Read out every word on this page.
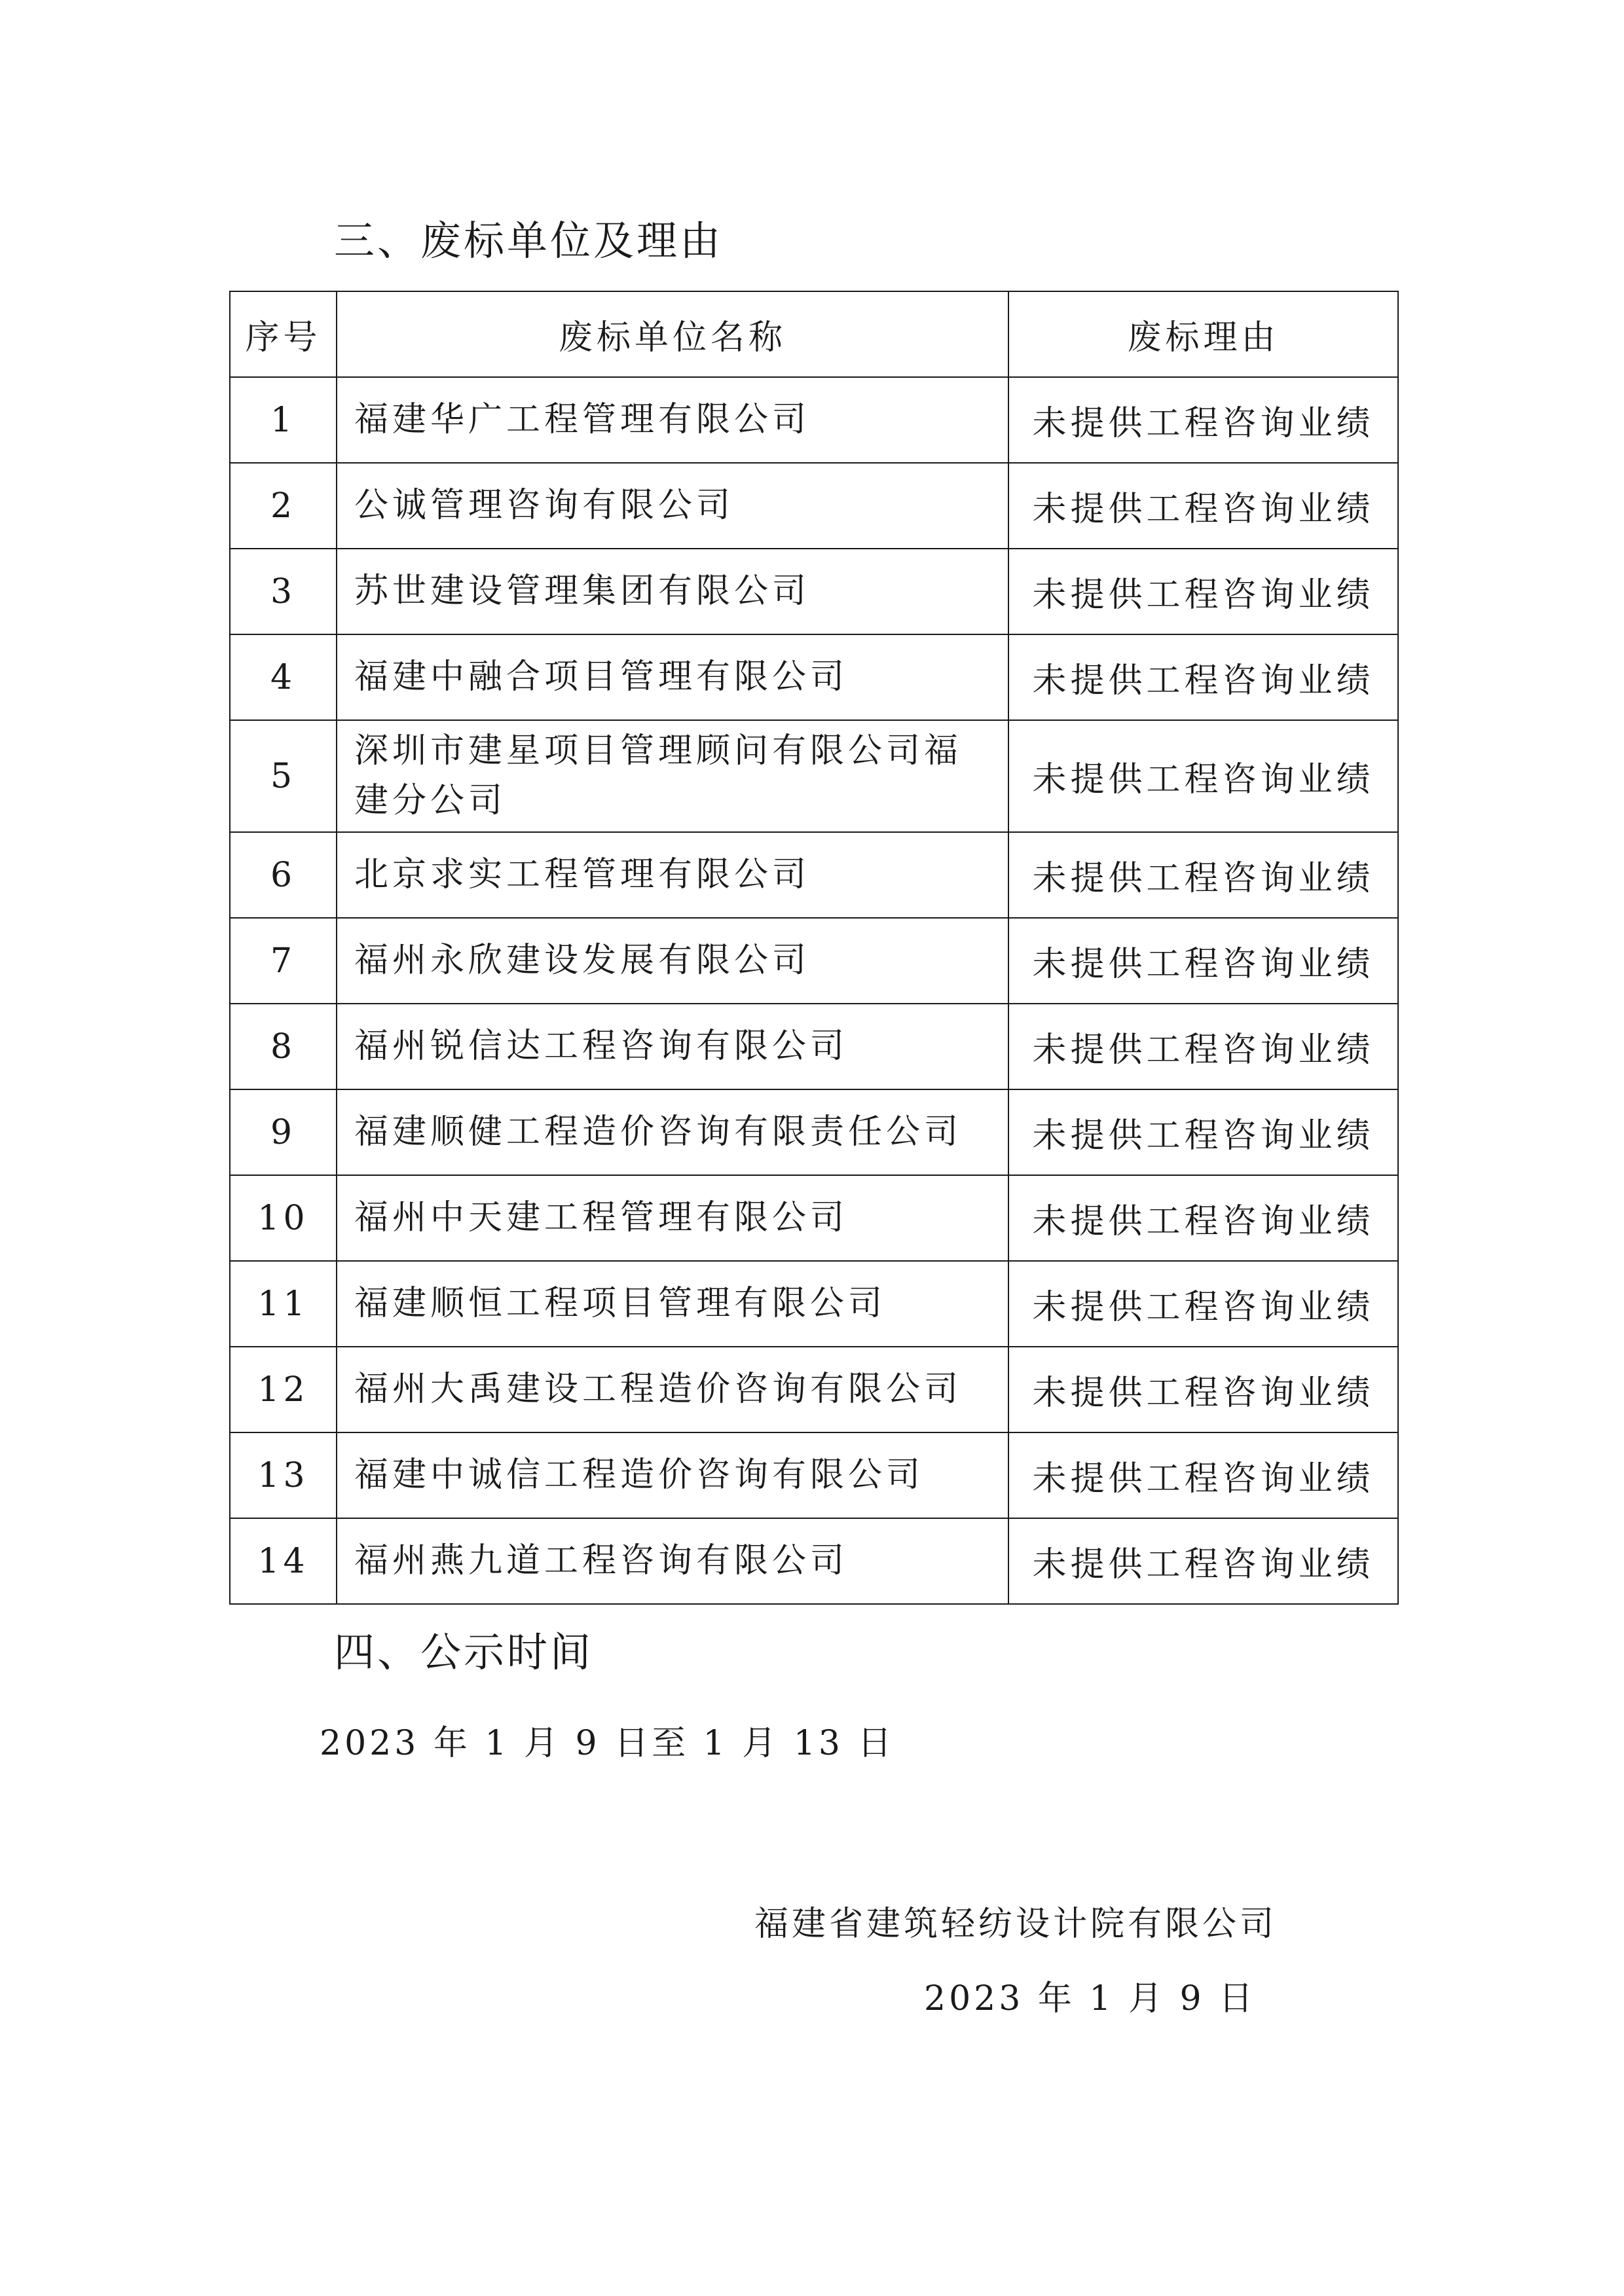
三、废标单位及理由
序号	废标单位名称	废标理由
1	福建华广工程管理有限公司	未提供工程咨询业绩
2	公诚管理咨询有限公司	未提供工程咨询业绩
3	苏世建设管理集团有限公司	未提供工程咨询业绩
4	福建中融合项目管理有限公司	未提供工程咨询业绩
5	深圳市建星项目管理顾问有限公司福建分公司	未提供工程咨询业绩
6	北京求实工程管理有限公司	未提供工程咨询业绩
7	福州永欣建设发展有限公司	未提供工程咨询业绩
8	福州锐信达工程咨询有限公司	未提供工程咨询业绩
9	福建顺健工程造价咨询有限责任公司	未提供工程咨询业绩
10	福州中天建工程管理有限公司	未提供工程咨询业绩
11	福建顺恒工程项目管理有限公司	未提供工程咨询业绩
12	福州大禹建设工程造价咨询有限公司	未提供工程咨询业绩
13	福建中诚信工程造价咨询有限公司	未提供工程咨询业绩
14	福州燕九道工程咨询有限公司	未提供工程咨询业绩
四、公示时间
2023 年 1 月 9 日至 1 月 13 日
福建省建筑轻纺设计院有限公司
2023 年 1 月 9 日
